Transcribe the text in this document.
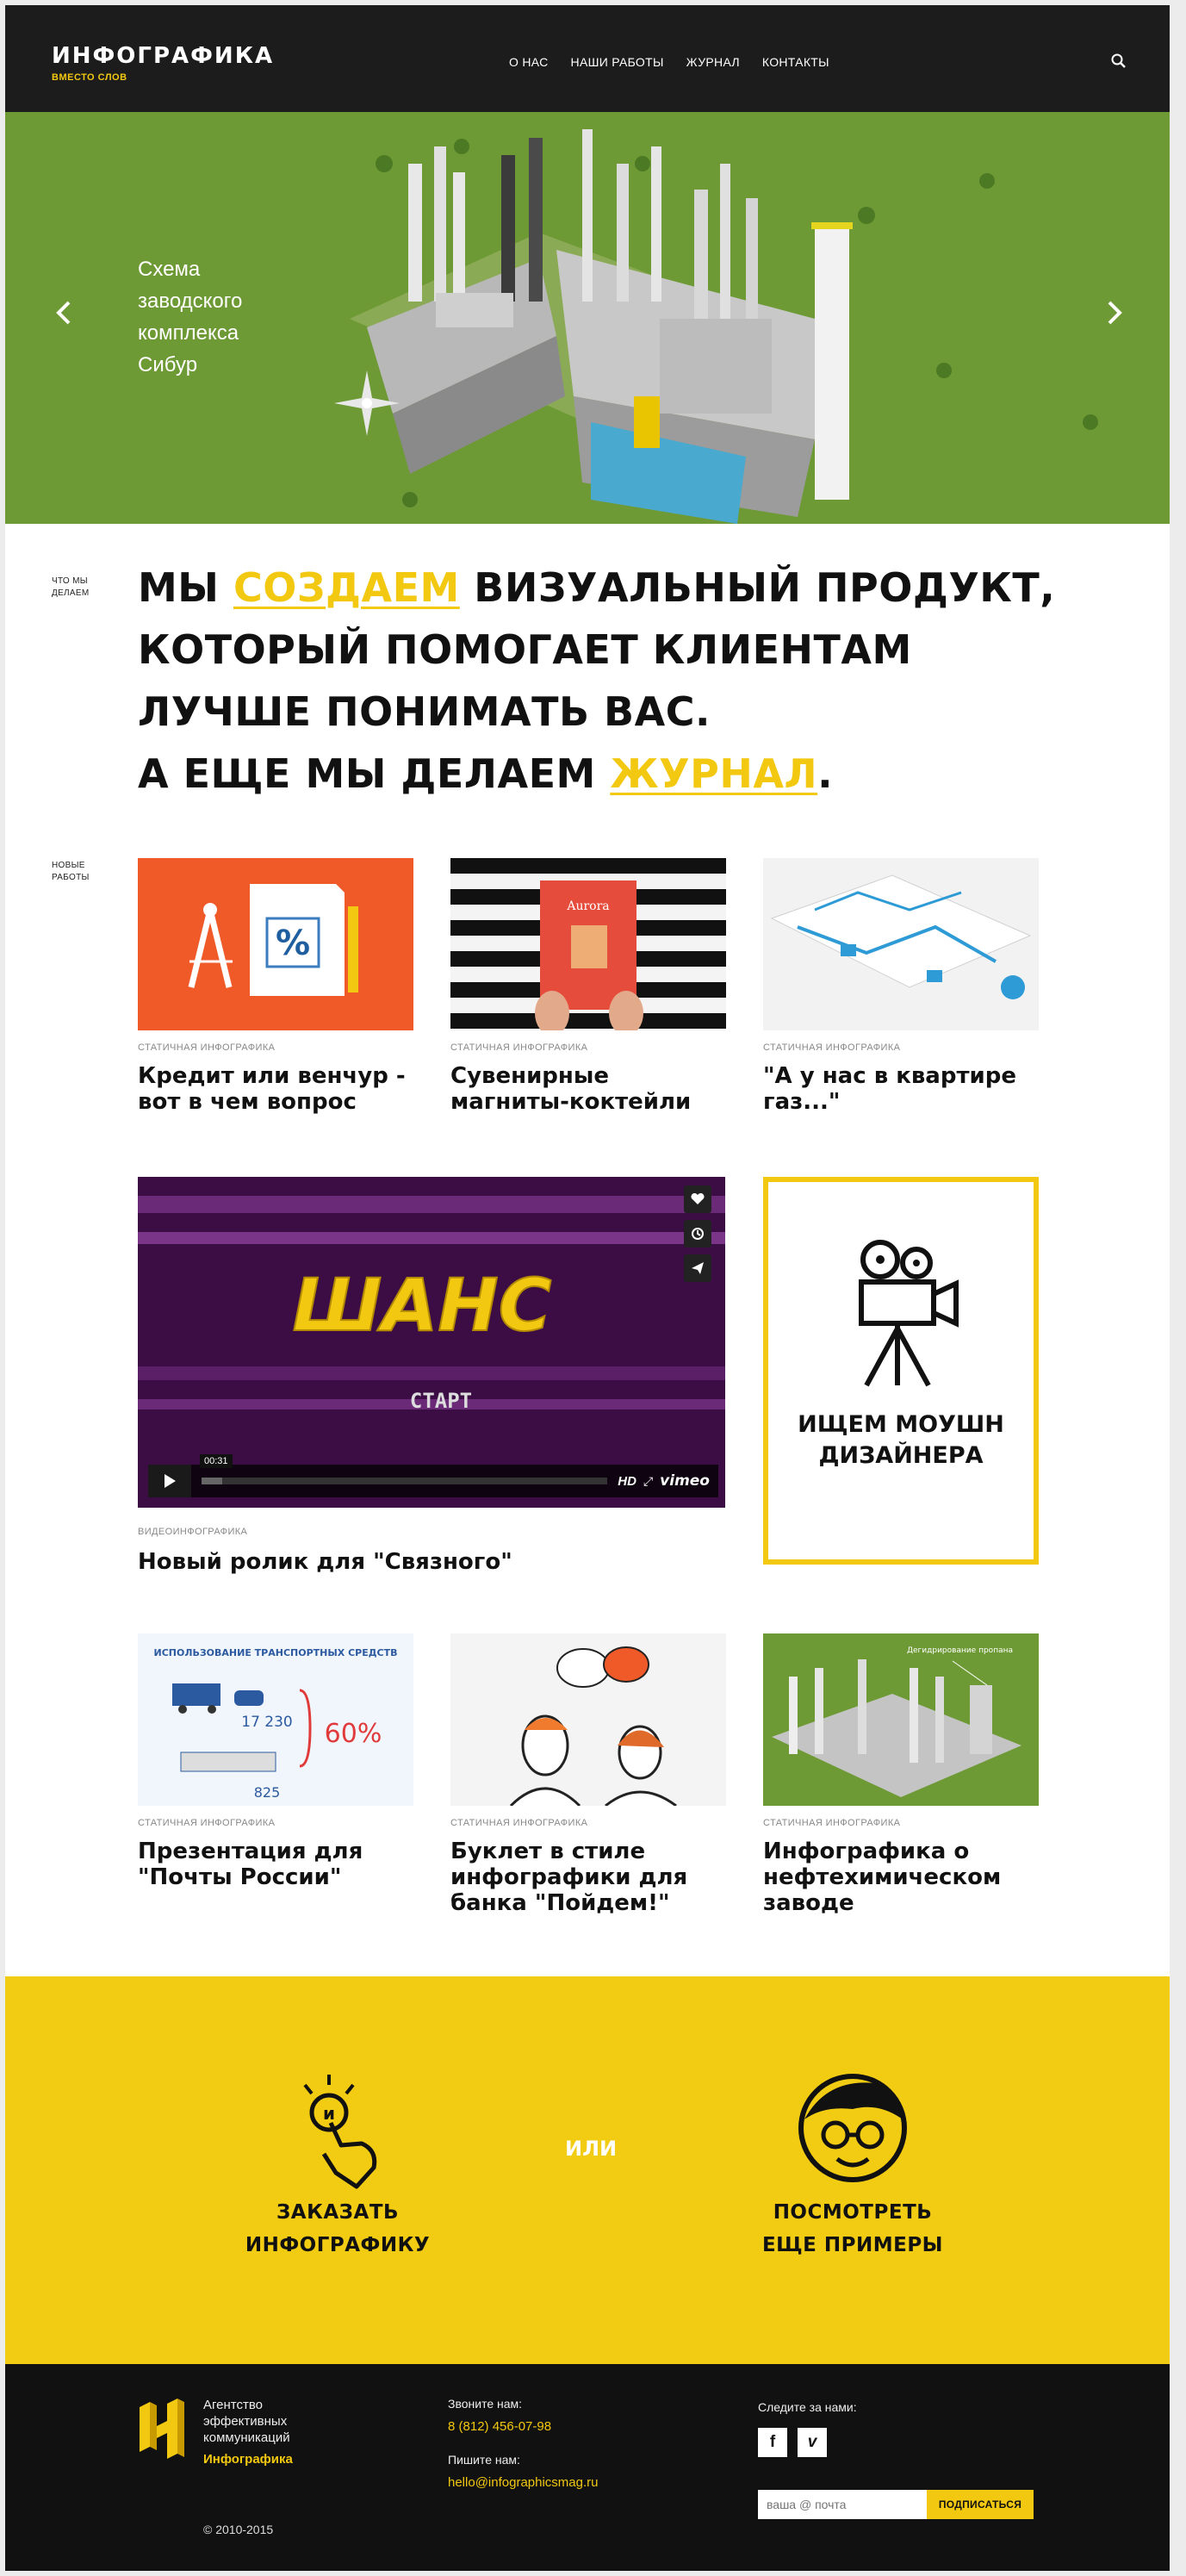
ИНФОГРАФИКА
ВМЕСТО СЛОВ
О НАС НАШИ РАБОТЫ ЖУРНАЛ КОНТАКТЫ
Схема заводского комплекса Сибур
ЧТО МЫ ДЕЛАЕМ	МЫ СОЗДАЕМ ВИЗУАЛЬНЫЙ ПРОДУКТ,
КОТОРЫЙ ПОМОГАЕТ КЛИЕНТАМ
ЛУЧШЕ ПОНИМАТЬ ВАС.
А ЕЩЕ МЫ ДЕЛАЕМ ЖУРНАЛ.
НОВЫЕ РАБОТЫ
%
СТАТИЧНАЯ ИНФОГРАФИКА
Кредит или венчур - вот в чем вопрос
Aurora
СТАТИЧНАЯ ИНФОГРАФИКА
Сувенирные магниты-коктейли
СТАТИЧНАЯ ИНФОГРАФИКА
"А у нас в квартире газ..."
ШАНС
СТАРТ
00:31
HD ⤢ vimeo
ВИДЕОИНФОГРАФИКА
Новый ролик для "Связного"
ИЩЕМ МОУШН ДИЗАЙНЕРА
ИСПОЛЬЗОВАНИЕ ТРАНСПОРТНЫХ СРЕДСТВ
17 230
825
60%
СТАТИЧНАЯ ИНФОГРАФИКА
Презентация для "Почты России"
СТАТИЧНАЯ ИНФОГРАФИКА
Буклет в стиле инфографики для банка "Пойдем!"
Дегидрирование пропана
СТАТИЧНАЯ ИНФОГРАФИКА
Инфографика о нефтехимическом заводе
и
ЗАКАЗАТЬ
ИНФОГРАФИКУ
ИЛИ
ПОСМОТРЕТЬ
ЕЩЕ ПРИМЕРЫ
Агентство
эффективных
коммуникаций
Инфографика
© 2010-2015
Звоните нам:
8 (812) 456-07-98
Пишите нам:
hello@infographicsmag.ru
Следите за нами:
f	v
ваша @ почта
ПОДПИСАТЬСЯ
